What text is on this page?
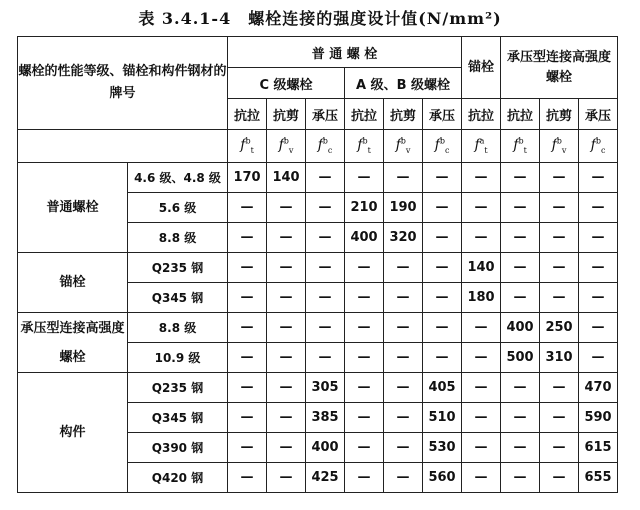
表 3.4.1-4　螺栓连接的强度设计值(N/mm²)
螺栓的性能等级、锚栓和构件钢材的牌号		普 通 螺 栓						锚栓	承压型连接高强度螺栓		
		C 级螺栓			A 级、B 级螺栓						
		抗拉	抗剪	承压	抗拉	抗剪	承压	抗拉	抗拉	抗剪	承压
		$f^b_t$	$f^b_v$	$f^b_c$	$f^b_t$	$f^b_v$	$f^b_c$	$f^a_t$	$f^b_t$	$f^b_v$	$f^b_c$
普通螺栓	4.6 级、4.8 级	170	140	—	—	—	—	—	—	—	—
	5.6 级	—	—	—	210	190	—	—	—	—	—
	8.8 级	—	—	—	400	320	—	—	—	—	—
锚栓	Q235 钢	—	—	—	—	—	—	140	—	—	—
	Q345 钢	—	—	—	—	—	—	180	—	—	—
承压型连接高强度螺栓	8.8 级	—	—	—	—	—	—	—	400	250	—
	10.9 级	—	—	—	—	—	—	—	500	310	—
构件	Q235 钢	—	—	305	—	—	405	—	—	—	470
	Q345 钢	—	—	385	—	—	510	—	—	—	590
	Q390 钢	—	—	400	—	—	530	—	—	—	615
	Q420 钢	—	—	425	—	—	560	—	—	—	655
